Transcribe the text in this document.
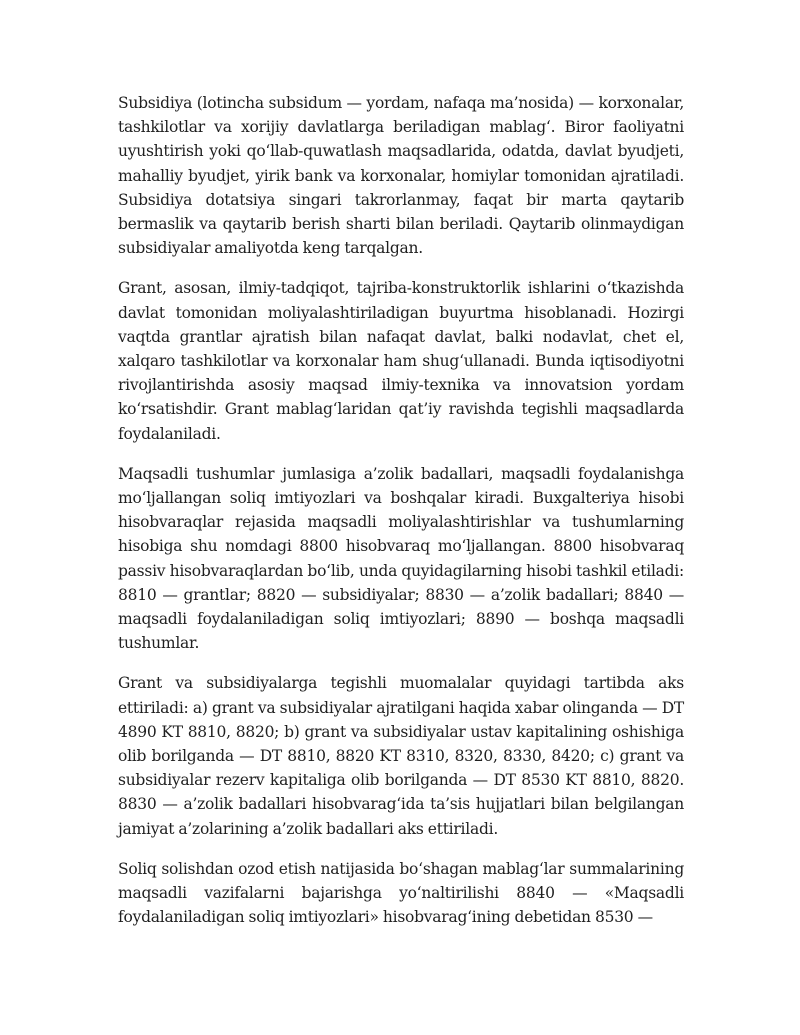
Subsidiya (lotincha subsidum — yordam, nafaqa ma’nosida) — korxonalar, tashkilotlar va xorijiy davlatlarga beriladigan mablag‘. Biror faoliyatni uyushtirish yoki qo‘llab-quwatlash maqsadlarida, odatda, davlat byudjeti, mahalliy byudjet, yirik bank va korxonalar, homiylar tomonidan ajratiladi. Subsidiya dotatsiya singari takrorlanmay, faqat bir marta qaytarib bermaslik va qaytarib berish sharti bilan beriladi. Qaytarib olinmaydigan subsidiyalar amaliyotda keng tarqalgan.

Grant, asosan, ilmiy-tadqiqot, tajriba-konstruktorlik ishlarini o‘tkazishda davlat tomonidan moliyalashtiriladigan buyurtma hisoblanadi. Hozirgi vaqtda grantlar ajratish bilan nafaqat davlat, balki nodavlat, chet el, xalqaro tashkilotlar va korxonalar ham shug‘ullanadi. Bunda iqtisodiyotni rivojlantirishda asosiy maqsad ilmiy-texnika va innovatsion yordam ko‘rsatishdir. Grant mablag‘laridan qat’iy ravishda tegishli maqsadlarda foydalaniladi.

Maqsadli tushumlar jumlasiga a’zolik badallari, maqsadli foydalanishga mo‘ljallangan soliq imtiyozlari va boshqalar kiradi. Buxgalteriya hisobi hisobvaraqlar rejasida maqsadli moliyalashtirishlar va tushumlarning hisobiga shu nomdagi 8800 hisobvaraq mo‘ljallangan. 8800 hisobvaraq passiv hisobvaraqlardan bo‘lib, unda quyidagilarning hisobi tashkil etiladi: 8810 — grantlar; 8820 — subsidiyalar; 8830 — a’zolik badallari; 8840 — maqsadli foydalaniladigan soliq imtiyozlari; 8890 — boshqa maqsadli tushumlar.

Grant va subsidiyalarga tegishli muomalalar quyidagi tartibda aks ettiriladi: a) grant va subsidiyalar ajratilgani haqida xabar olinganda — DT 4890 KT 8810, 8820; b) grant va subsidiyalar ustav kapitalining oshishiga olib borilganda — DT 8810, 8820 KT 8310, 8320, 8330, 8420; c) grant va subsidiyalar rezerv kapitaliga olib borilganda — DT 8530 KT 8810, 8820. 8830 — a’zolik badallari hisobvarag‘ida ta’sis hujjatlari bilan belgilangan jamiyat a’zolarining a’zolik badallari aks ettiriladi.

Soliq solishdan ozod etish natijasida bo‘shagan mablag‘lar summalarining maqsadli vazifalarni bajarishga yo‘naltirilishi 8840 — «Maqsadli foydalaniladigan soliq imtiyozlari» hisobvarag‘ining debetidan 8530 —
